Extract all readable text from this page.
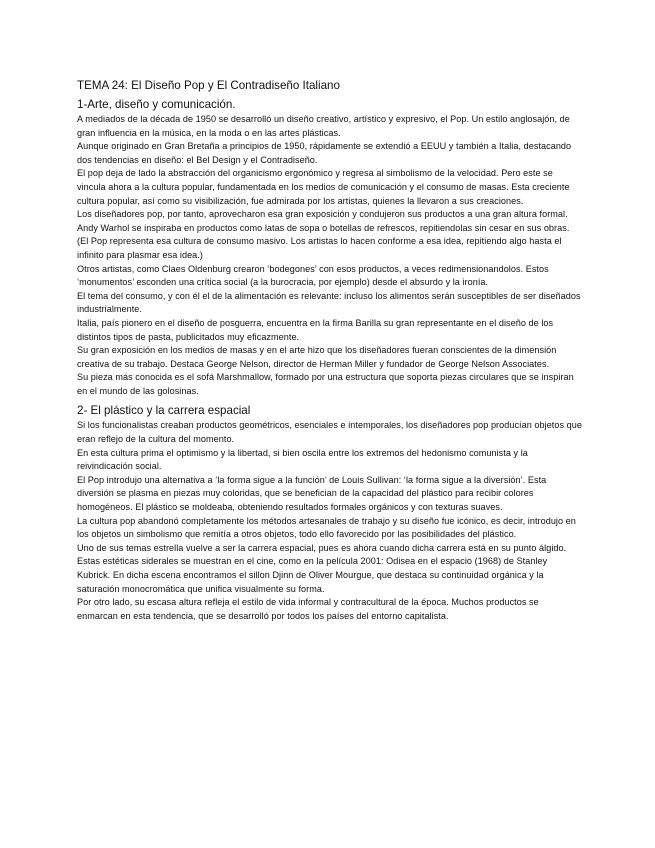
TEMA 24: El Diseño Pop y El Contradiseño Italiano
1-Arte, diseño y comunicación.

A mediados de la década de 1950 se desarrolló un diseño creativo, artístico y expresivo, el Pop. Un estilo anglosajón, de gran influencia en la música, en la moda o en las artes plásticas.

Aunque originado en Gran Bretaña a principios de 1950, rápidamente se extendió a EEUU y también a Italia, destacando dos tendencias en diseño: el Bel Design y el Contradiseño.

El pop deja de lado la abstracción del organicismo ergonómico y regresa al simbolismo de la velocidad. Pero este se vincula ahora a la cultura popular, fundamentada en los medios de comunicación y el consumo de masas. Esta creciente cultura popular, así como su visibilización, fue admirada por los artistas, quienes la llevaron a sus creaciones.

Los diseñadores pop, por tanto, aprovecharon esa gran exposición y condujeron sus productos a una gran altura formal.

Andy Warhol se inspiraba en productos como latas de sopa o botellas de refrescos, repitiendolas sin cesar en sus obras.

(El Pop representa esa cultura de consumo masivo. Los artistas lo hacen conforme a esa idea, repitiendo algo hasta el infinito para plasmar esa idea.)

Otros artistas, como Claes Oldenburg crearon ‘bodegones’ con esos productos, a veces redimensionandolos. Estos ‘monumentos’ esconden una crítica social (a la burocracia, por ejemplo) desde el absurdo y la ironía.

El tema del consumo, y con él el de la alimentación es relevante: incluso los alimentos serán susceptibles de ser diseñados industrialmente.

Italia, país pionero en el diseño de posguerra, encuentra en la firma Barilla su gran representante en el diseño de los distintos tipos de pasta, publicitados muy eficazmente.

Su gran exposición en los medios de masas y en el arte hizo que los diseñadores fueran conscientes de la dimensión creativa de su trabajo. Destaca George Nelson, director de Herman Miller y fundador de George Nelson Associates.

Su pieza más conocida es el sofá Marshmallow, formado por una estructura que soporta piezas circulares que se inspiran en el mundo de las golosinas.

2- El plástico y la carrera espacial

Si los funcionalistas creaban productos geométricos, esenciales e intemporales, los diseñadores pop producían objetos que eran reflejo de la cultura del momento.

En esta cultura prima el optimismo y la libertad, si bien oscila entre los extremos del hedonismo comunista y la reivindicación social.

El Pop introdujo una alternativa a ‘la forma sigue a la función’ de Louis Sullivan: ‘la forma sigue a la diversión’. Esta diversión se plasma en piezas muy coloridas, que se benefician de la capacidad del plástico para recibir colores homogéneos. El plástico se moldeaba, obteniendo resultados formales orgánicos y con texturas suaves.

La cultura pop abandonó completamente los métodos artesanales de trabajo y su diseño fue icónico, es decir, introdujo en los objetos un simbolismo que remitía a otros objetos, todo ello favorecido por las posibilidades del plástico.

Uno de sus temas estrella vuelve a ser la carrera espacial, pues es ahora cuando dicha carrera está en su punto álgido.

Estas estéticas siderales se muestran en el cine, como en la película 2001: Odisea en el espacio (1968) de Stanley Kubrick. En dicha escena encontramos el sillon Djinn de Oliver Mourgue, que destaca su continuidad orgánica y la saturación monocromática que unifica visualmente su forma.

Por otro lado, su escasa altura refleja el estilo de vida informal y contracultural de la época. Muchos productos se enmarcan en esta tendencia, que se desarrolló por todos los países del entorno capitalista.
